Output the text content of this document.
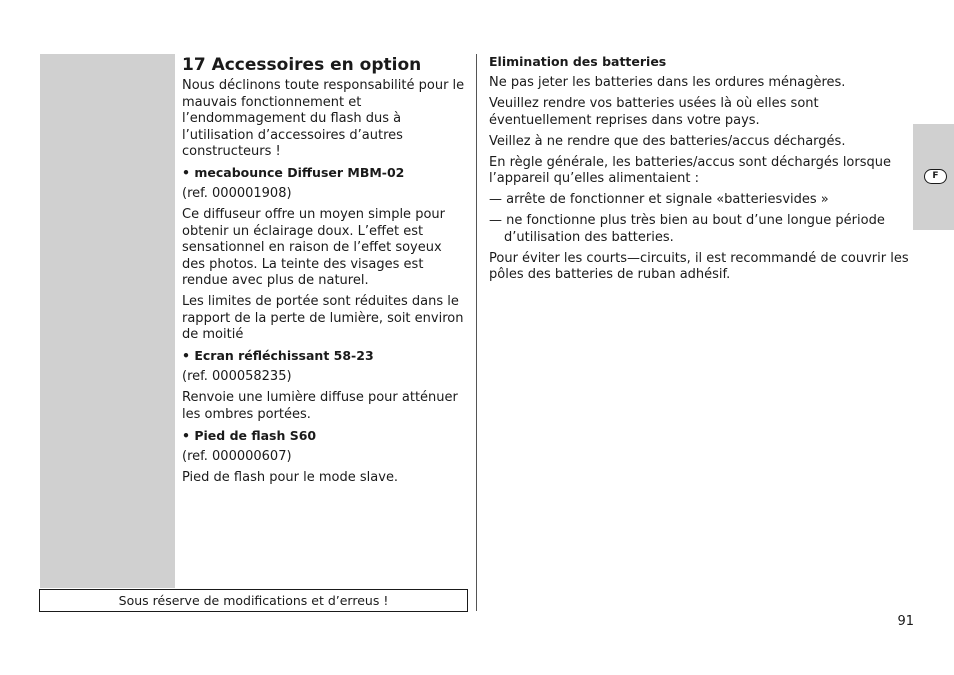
17 Accessoires en option

Nous déclinons toute responsabilité pour le mauvais fonctionnement et l’endommagement du flash dus à l’utilisation d’accessoires d’autres constructeurs !

• mecabounce Diffuser MBM-02

(ref. 000001908)

Ce diffuseur offre un moyen simple pour obtenir un éclairage doux. L’effet est sensationnel en raison de l’effet soyeux des photos. La teinte des visages est rendue avec plus de naturel.

Les limites de portée sont réduites dans le rapport de la perte de lumière, soit environ de moitié

• Ecran réfléchissant 58-23

(ref. 000058235)

Renvoie une lumière diffuse pour atténuer les ombres portées.

• Pied de flash S60

(ref. 000000607)

Pied de flash pour le mode slave.

Sous réserve de modifications et d’erreus !
Elimination des batteries

Ne pas jeter les batteries dans les ordures ménagères.

Veuillez rendre vos batteries usées là où elles sont éventuellement reprises dans votre pays.

Veillez à ne rendre que des batteries/accus déchargés.

En règle générale, les batteries/accus sont déchargés lorsque l’appareil qu’elles alimentaient :

— arrête de fonctionner et signale «batteriesvides »

— ne fonctionne plus très bien au bout d’une longue période d’utilisation des batteries.

Pour éviter les courts—circuits, il est recommandé de couvrir les pôles des batteries de ruban adhésif.

F
91
